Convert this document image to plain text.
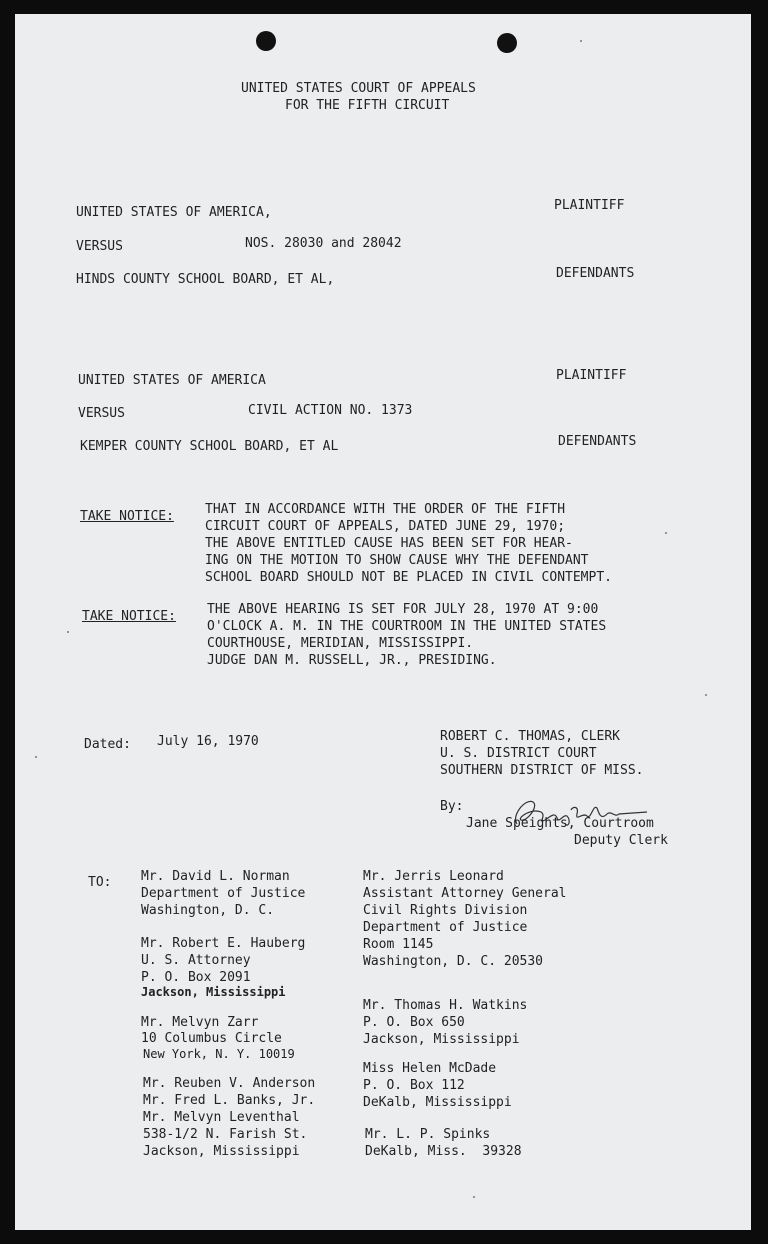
UNITED STATES COURT OF APPEALS
FOR THE FIFTH CIRCUIT
UNITED STATES OF AMERICA,	PLAINTIFF
VERSUS	NOS. 28030 and 28042
HINDS COUNTY SCHOOL BOARD, ET AL,	DEFENDANTS
UNITED STATES OF AMERICA	PLAINTIFF
VERSUS	CIVIL ACTION NO. 1373
KEMPER COUNTY SCHOOL BOARD, ET AL	DEFENDANTS
TAKE NOTICE: THAT IN ACCORDANCE WITH THE ORDER OF THE FIFTH
CIRCUIT COURT OF APPEALS, DATED JUNE 29, 1970;
THE ABOVE ENTITLED CAUSE HAS BEEN SET FOR HEAR-
ING ON THE MOTION TO SHOW CAUSE WHY THE DEFENDANT
SCHOOL BOARD SHOULD NOT BE PLACED IN CIVIL CONTEMPT.
TAKE NOTICE: THE ABOVE HEARING IS SET FOR JULY 28, 1970 AT 9:00
O'CLOCK A. M. IN THE COURTROOM IN THE UNITED STATES
COURTHOUSE, MERIDIAN, MISSISSIPPI.
JUDGE DAN M. RUSSELL, JR., PRESIDING.
Dated: July 16, 1970	ROBERT C. THOMAS, CLERK
U. S. DISTRICT COURT
SOUTHERN DISTRICT OF MISS.
By:
Jane Speights, Courtroom
Deputy Clerk
TO: Mr. David L. Norman
Department of Justice
Washington, D. C.
Mr. Robert E. Hauberg
U. S. Attorney
P. O. Box 2091
Jackson, Mississippi
Mr. Melvyn Zarr
10 Columbus Circle
New York, N. Y. 10019
Mr. Reuben V. Anderson
Mr. Fred L. Banks, Jr.
Mr. Melvyn Leventhal
538-1/2 N. Farish St.
Jackson, Mississippi
Mr. Jerris Leonard
Assistant Attorney General
Civil Rights Division
Department of Justice
Room 1145
Washington, D. C. 20530
Mr. Thomas H. Watkins
P. O. Box 650
Jackson, Mississippi
Miss Helen McDade
P. O. Box 112
DeKalb, Mississippi
Mr. L. P. Spinks
DeKalb, Miss.  39328
